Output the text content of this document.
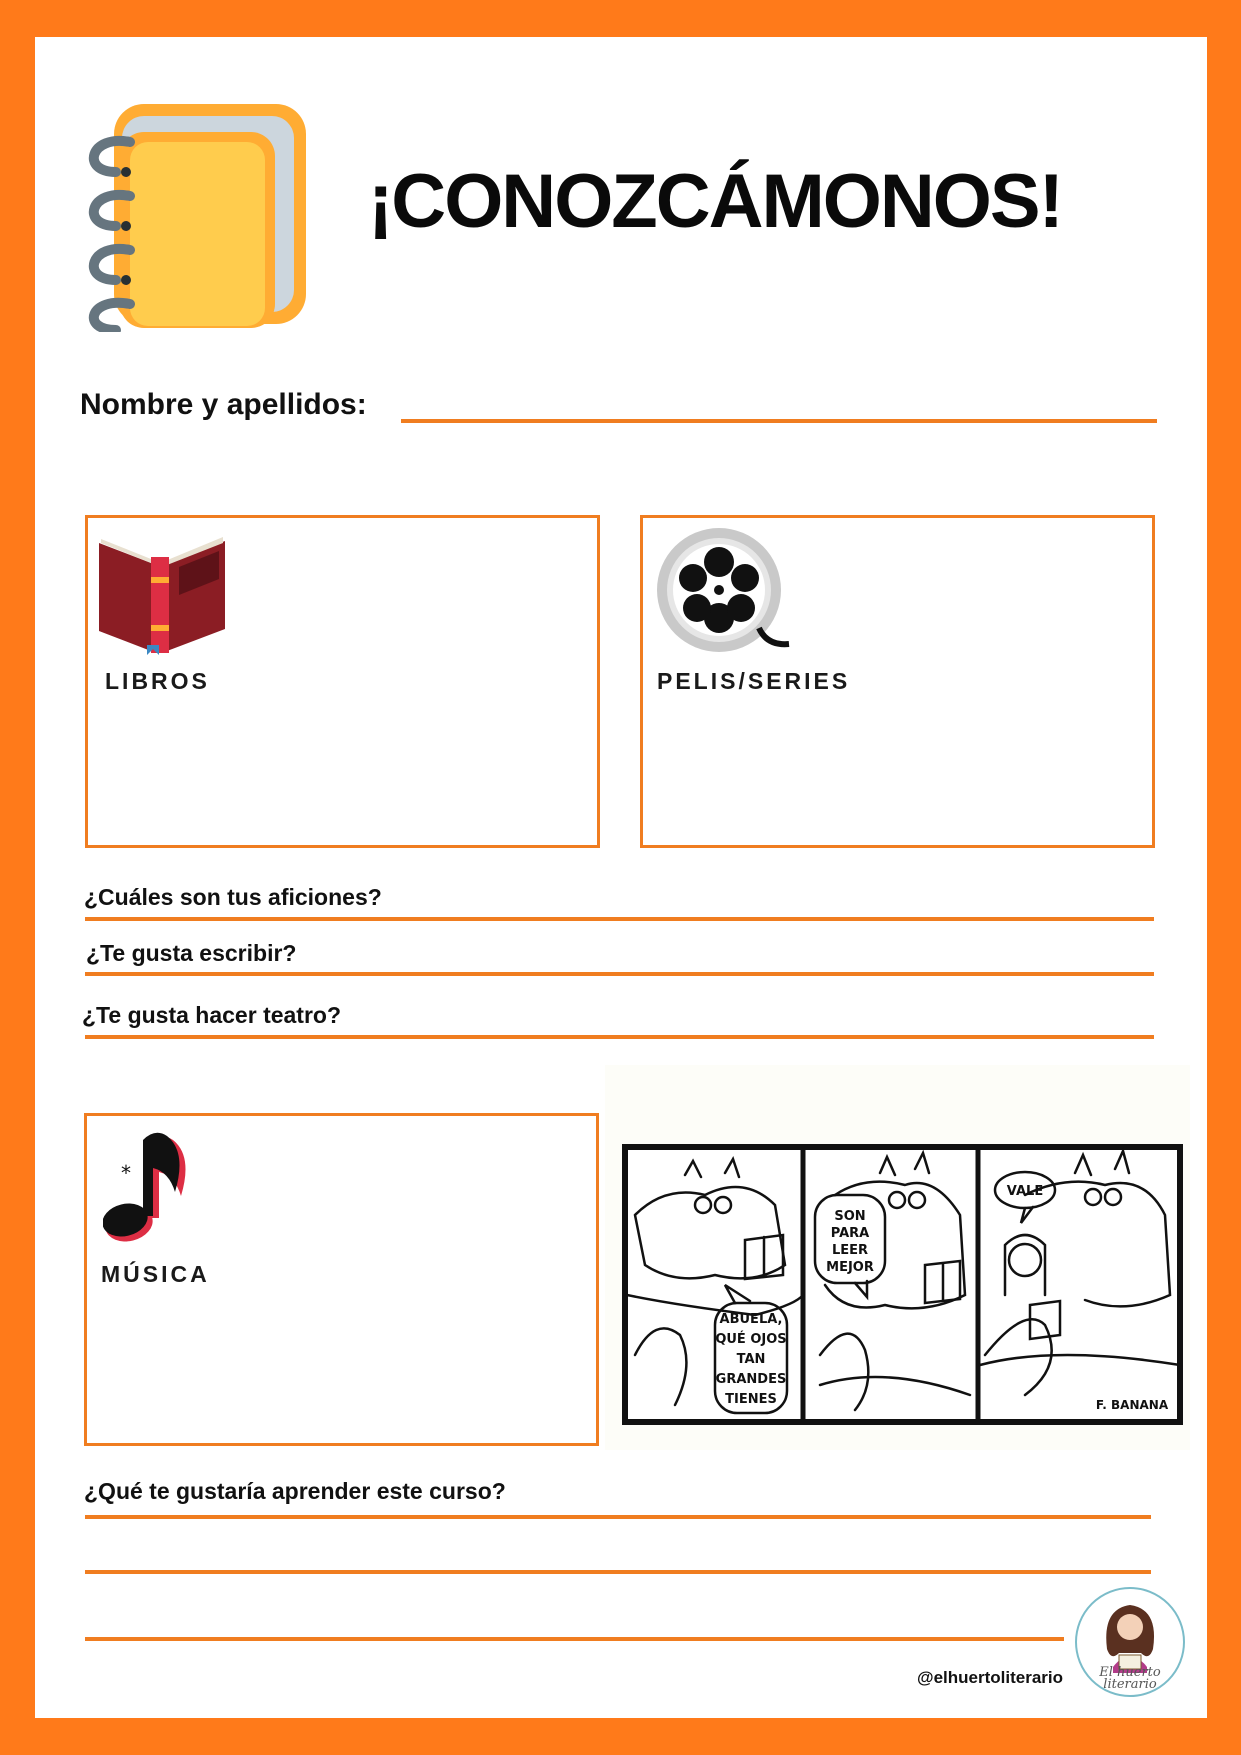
¡CONOZCÁMONOS!
Nombre y apellidos:
LIBROS	PELIS/SERIES
¿Cuáles son tus aficiones?
¿Te gusta escribir?
¿Te gusta hacer teatro?
*
MÚSICA
ABUELA,
QUÉ OJOS
TAN
GRANDES
TIENES
SON
PARA
LEER
MEJOR
VALE
F. BANANA
¿Qué te gustaría aprender este curso?
@elhuertoliterario	El huerto
literario
